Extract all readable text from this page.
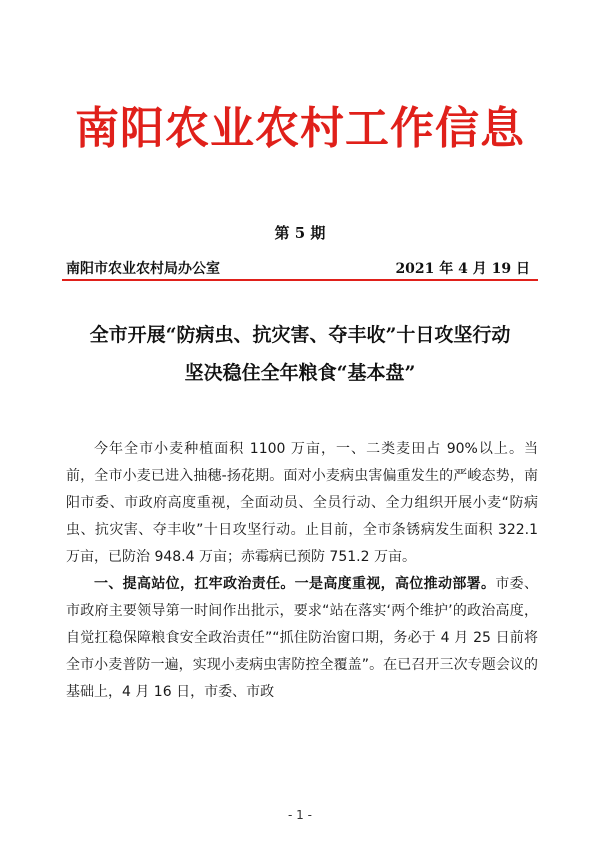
南阳农业农村工作信息
第 5 期
南阳市农业农村局办公室	2021 年 4 月 19 日
全市开展“防病虫、抗灾害、夺丰收”十日攻坚行动
坚决稳住全年粮食“基本盘”

今年全市小麦种植面积 1100 万亩，一、二类麦田占 90%以上。当前，全市小麦已进入抽穗-扬花期。面对小麦病虫害偏重发生的严峻态势，南阳市委、市政府高度重视，全面动员、全员行动、全力组织开展小麦“防病虫、抗灾害、夺丰收”十日攻坚行动。止目前，全市条锈病发生面积 322.1 万亩，已防治 948.4 万亩；赤霉病已预防 751.2 万亩。

一、提高站位，扛牢政治责任。一是高度重视，高位推动部署。市委、市政府主要领导第一时间作出批示，要求“站在落实‘两个维护’的政治高度，自觉扛稳保障粮食安全政治责任”“抓住防治窗口期，务必于 4 月 25 日前将全市小麦普防一遍，实现小麦病虫害防控全覆盖”。在已召开三次专题会议的基础上，4 月 16 日，市委、市政

- 1 -
